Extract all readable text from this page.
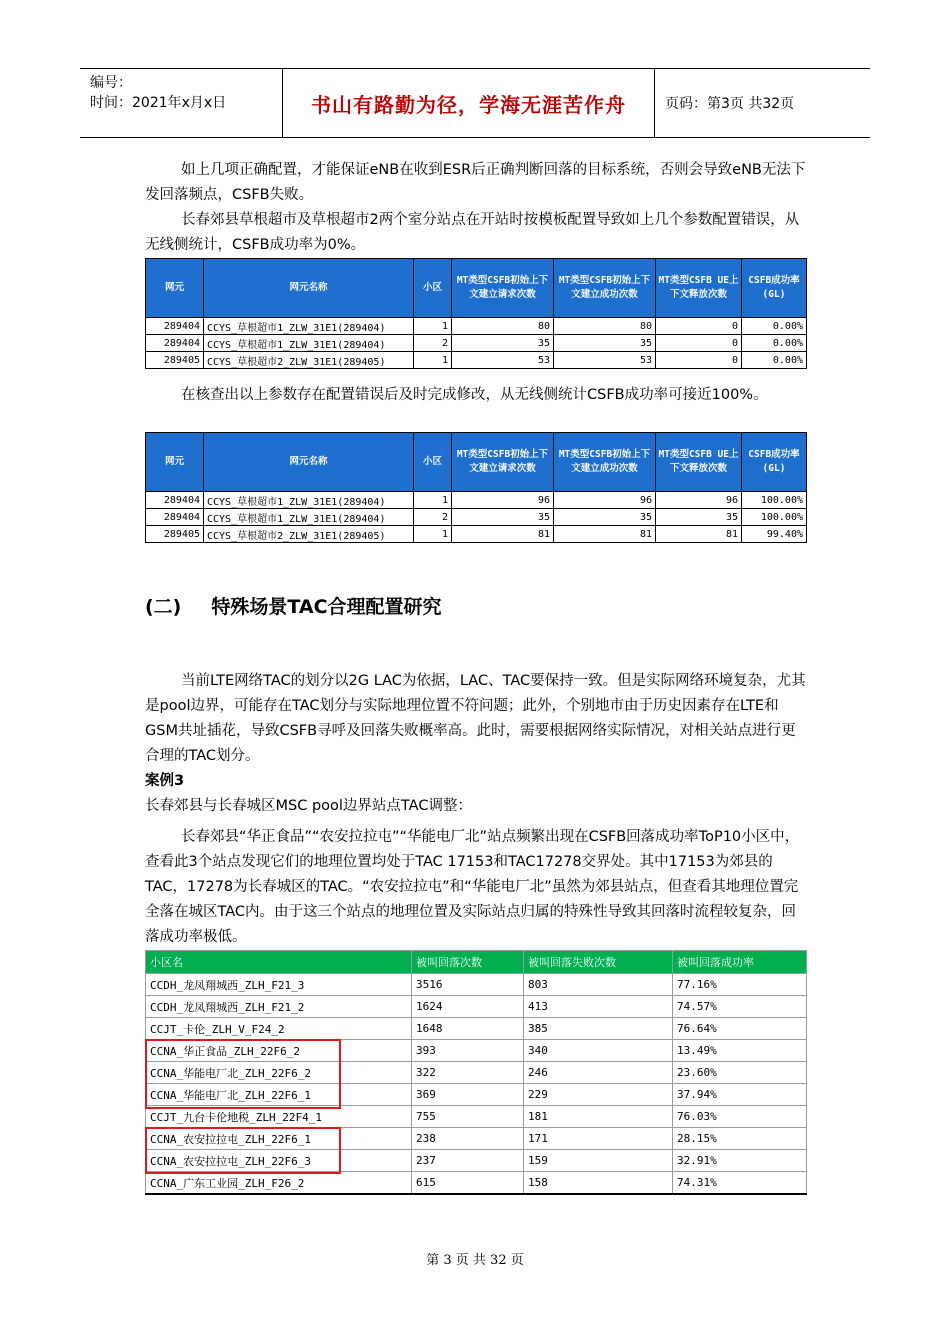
编号：
时间：2021年x月x日	书山有路勤为径，学海无涯苦作舟	页码：第3页 共32页

如上几项正确配置，才能保证eNB在收到ESR后正确判断回落的目标系统，否则会导致eNB无法下发回落频点，CSFB失败。

长春郊县草根超市及草根超市2两个室分站点在开站时按模板配置导致如上几个参数配置错误，从无线侧统计，CSFB成功率为0%。

网元	网元名称	小区	MT类型CSFB初始上下文建立请求次数	MT类型CSFB初始上下文建立成功次数	MT类型CSFB UE上下文释放次数	CSFB成功率(GL)
289404	CCYS_草根超市1_ZLW_31E1(289404)	1	80	80	0	0.00%
289404	CCYS_草根超市1_ZLW_31E1(289404)	2	35	35	0	0.00%
289405	CCYS_草根超市2_ZLW_31E1(289405)	1	53	53	0	0.00%

在核查出以上参数存在配置错误后及时完成修改，从无线侧统计CSFB成功率可接近100%。

网元	网元名称	小区	MT类型CSFB初始上下文建立请求次数	MT类型CSFB初始上下文建立成功次数	MT类型CSFB UE上下文释放次数	CSFB成功率(GL)
289404	CCYS_草根超市1_ZLW_31E1(289404)	1	96	96	96	100.00%
289404	CCYS_草根超市1_ZLW_31E1(289404)	2	35	35	35	100.00%
289405	CCYS_草根超市2_ZLW_31E1(289405)	1	81	81	81	99.40%
(二) 特殊场景TAC合理配置研究

当前LTE网络TAC的划分以2G LAC为依据，LAC、TAC要保持一致。但是实际网络环境复杂，尤其是pool边界，可能存在TAC划分与实际地理位置不符问题；此外，个别地市由于历史因素存在LTE和GSM共址插花，导致CSFB寻呼及回落失败概率高。此时，需要根据网络实际情况，对相关站点进行更合理的TAC划分。

案例3

长春郊县与长春城区MSC pool边界站点TAC调整：

长春郊县“华正食品”“农安拉拉屯”“华能电厂北”站点频繁出现在CSFB回落成功率ToP10小区中，查看此3个站点发现它们的地理位置均处于TAC 17153和TAC17278交界处。其中17153为郊县的TAC，17278为长春城区的TAC。“农安拉拉屯”和“华能电厂北”虽然为郊县站点，但查看其地理位置完全落在城区TAC内。由于这三个站点的地理位置及实际站点归属的特殊性导致其回落时流程较复杂，回落成功率极低。

小区名	被叫回落次数	被叫回落失败次数	被叫回落成功率
CCDH_龙凤翔城西_ZLH_F21_3	3516	803	77.16%
CCDH_龙凤翔城西_ZLH_F21_2	1624	413	74.57%
CCJT_卡伦_ZLH_V_F24_2	1648	385	76.64%
CCNA_华正食品_ZLH_22F6_2	393	340	13.49%
CCNA_华能电厂北_ZLH_22F6_2	322	246	23.60%
CCNA_华能电厂北_ZLH_22F6_1	369	229	37.94%
CCJT_九台卡伦地税_ZLH_22F4_1	755	181	76.03%
CCNA_农安拉拉屯_ZLH_22F6_1	238	171	28.15%
CCNA_农安拉拉屯_ZLH_22F6_3	237	159	32.91%
CCNA_广东工业园_ZLH_F26_2	615	158	74.31%
第 3 页 共 32 页
